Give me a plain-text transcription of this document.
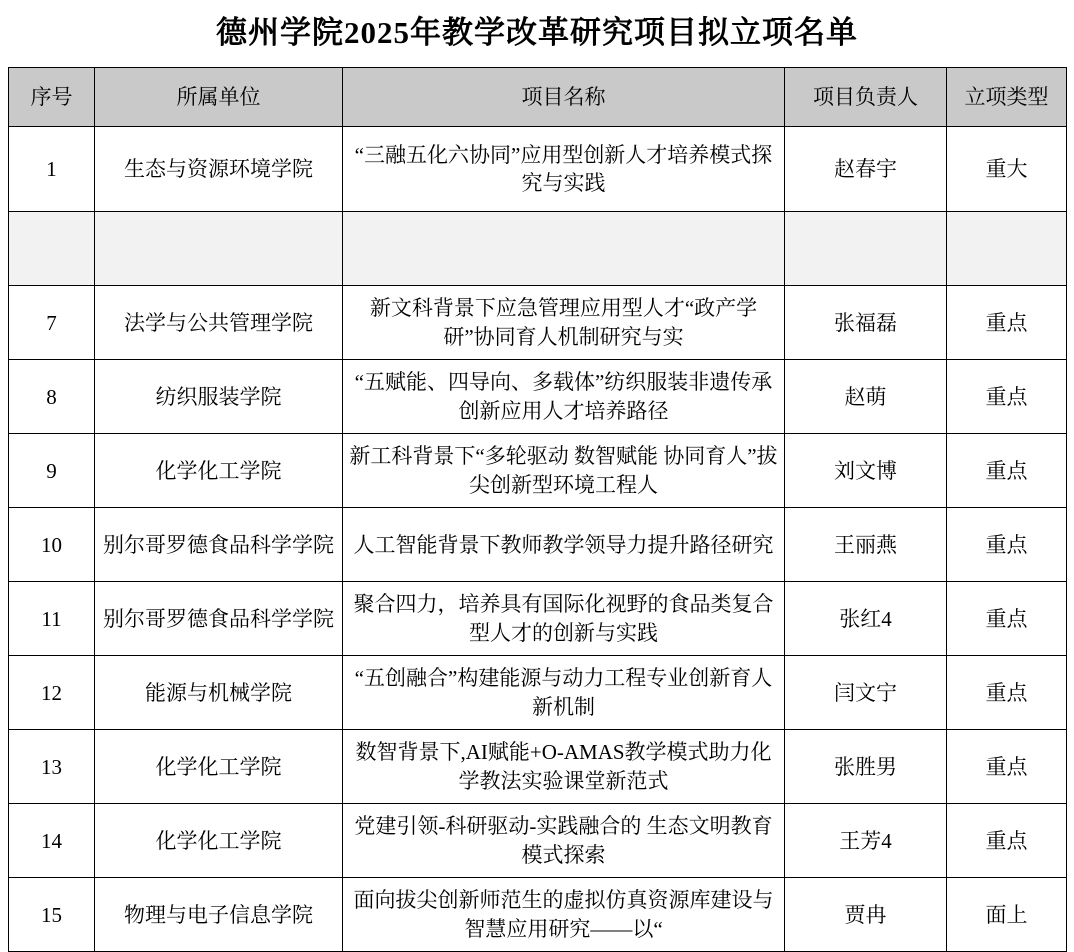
德州学院2025年教学改革研究项目拟立项名单
序号	所属单位	项目名称	项目负责人	立项类型
1	生态与资源环境学院	“三融五化六协同”应用型创新人才培养模式探究与实践	赵春宇	重大

7	法学与公共管理学院	新文科背景下应急管理应用型人才“政产学研”协同育人机制研究与实	张福磊	重点
8	纺织服装学院	“五赋能、四导向、多载体”纺织服装非遗传承创新应用人才培养路径	赵萌	重点
9	化学化工学院	新工科背景下“多轮驱动 数智赋能 协同育人”拔尖创新型环境工程人	刘文博	重点
10	别尔哥罗德食品科学学院	人工智能背景下教师教学领导力提升路径研究	王丽燕	重点
11	别尔哥罗德食品科学学院	聚合四力，培养具有国际化视野的食品类复合型人才的创新与实践	张红4	重点
12	能源与机械学院	“五创融合”构建能源与动力工程专业创新育人新机制	闫文宁	重点
13	化学化工学院	数智背景下,AI赋能+O-AMAS教学模式助力化学教法实验课堂新范式	张胜男	重点
14	化学化工学院	党建引领-科研驱动-实践融合的 生态文明教育模式探索	王芳4	重点
15	物理与电子信息学院	面向拔尖创新师范生的虚拟仿真资源库建设与智慧应用研究——以“	贾冉	面上
